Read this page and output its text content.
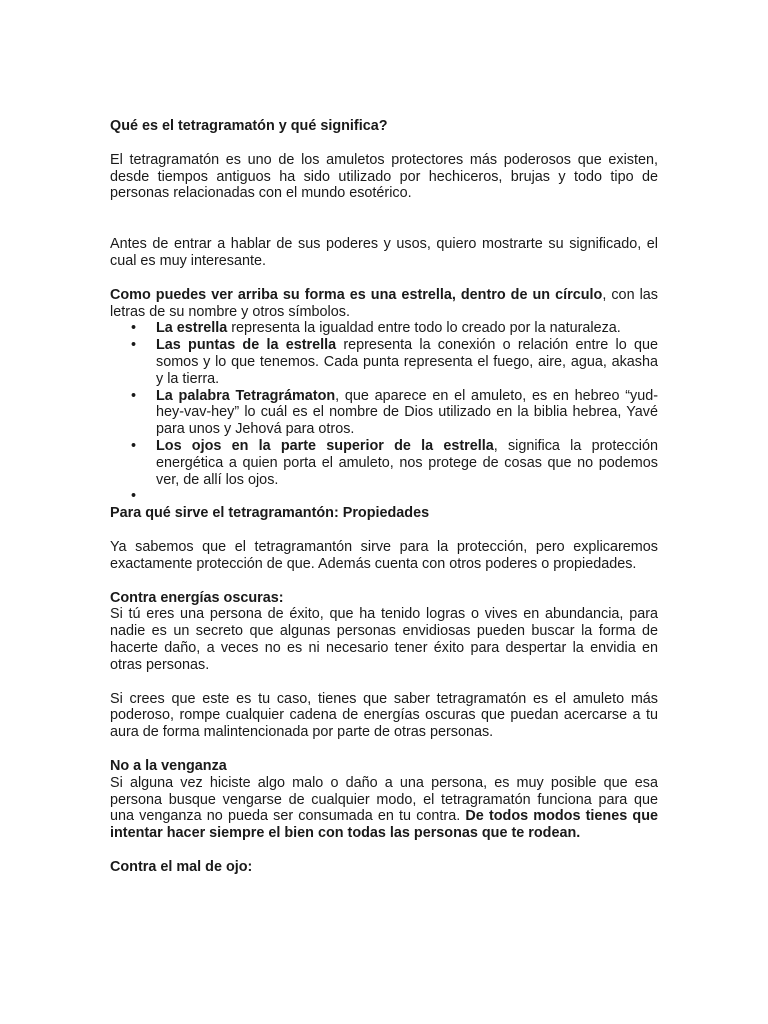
Qué es el tetragramatón y qué significa?

El tetragramatón es uno de los amuletos protectores más poderosos que existen, desde tiempos antiguos ha sido utilizado por hechiceros, brujas y todo tipo de personas relacionadas con el mundo esotérico.

Antes de entrar a hablar de sus poderes y usos, quiero mostrarte su significado, el cual es muy interesante.

Como puedes ver arriba su forma es una estrella, dentro de un círculo, con las letras de su nombre y otros símbolos.

• La estrella representa la igualdad entre todo lo creado por la naturaleza.
• Las puntas de la estrella representa la conexión o relación entre lo que somos y lo que tenemos. Cada punta representa el fuego, aire, agua, akasha y la tierra.
• La palabra Tetragrámaton, que aparece en el amuleto, es en hebreo “yud-hey-vav-hey” lo cuál es el nombre de Dios utilizado en la biblia hebrea, Yavé para unos y Jehová para otros.
• Los ojos en la parte superior de la estrella, significa la protección energética a quien porta el amuleto, nos protege de cosas que no podemos ver, de allí los ojos.
•

Para qué sirve el tetragramantón: Propiedades

Ya sabemos que el tetragramantón sirve para la protección, pero explicaremos exactamente protección de que. Además cuenta con otros poderes o propiedades.

Contra energías oscuras:

Si tú eres una persona de éxito, que ha tenido logras o vives en abundancia, para nadie es un secreto que algunas personas envidiosas pueden buscar la forma de hacerte daño, a veces no es ni necesario tener éxito para despertar la envidia en otras personas.

Si crees que este es tu caso, tienes que saber tetragramatón es el amuleto más poderoso, rompe cualquier cadena de energías oscuras que puedan acercarse a tu aura de forma malintencionada por parte de otras personas.

No a la venganza

Si alguna vez hiciste algo malo o daño a una persona, es muy posible que esa persona busque vengarse de cualquier modo, el tetragramatón funciona para que una venganza no pueda ser consumada en tu contra. De todos modos tienes que intentar hacer siempre el bien con todas las personas que te rodean.

Contra el mal de ojo:
